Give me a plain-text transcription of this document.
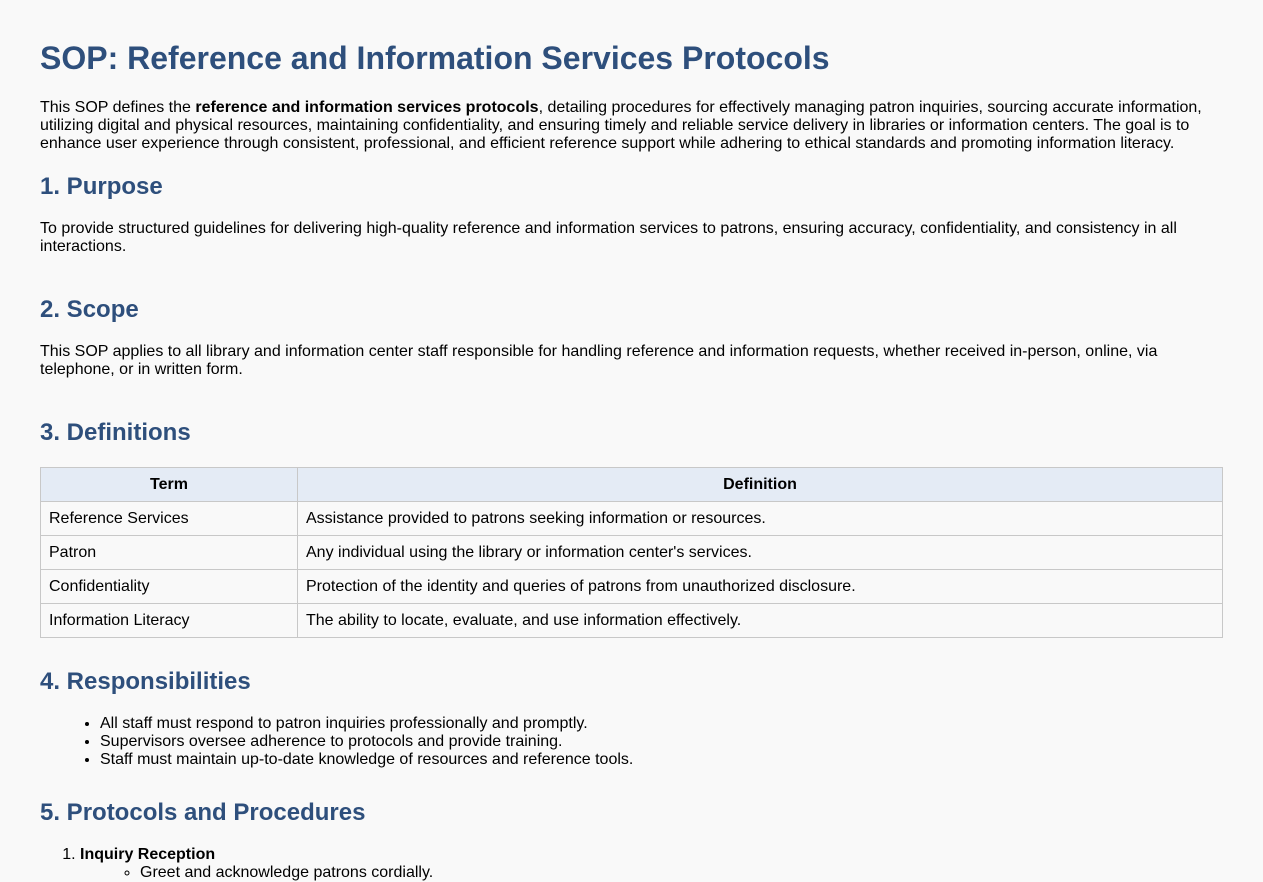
SOP: Reference and Information Services Protocols

This SOP defines the reference and information services protocols, detailing procedures for effectively managing patron inquiries, sourcing accurate information, utilizing digital and physical resources, maintaining confidentiality, and ensuring timely and reliable service delivery in libraries or information centers. The goal is to enhance user experience through consistent, professional, and efficient reference support while adhering to ethical standards and promoting information literacy.

1. Purpose

To provide structured guidelines for delivering high-quality reference and information services to patrons, ensuring accuracy, confidentiality, and consistency in all interactions.

2. Scope

This SOP applies to all library and information center staff responsible for handling reference and information requests, whether received in-person, online, via telephone, or in written form.

3. Definitions
Term	Definition
Reference Services	Assistance provided to patrons seeking information or resources.
Patron	Any individual using the library or information center's services.
Confidentiality	Protection of the identity and queries of patrons from unauthorized disclosure.
Information Literacy	The ability to locate, evaluate, and use information effectively.
4. Responsibilities
• All staff must respond to patron inquiries professionally and promptly.
• Supervisors oversee adherence to protocols and provide training.
• Staff must maintain up-to-date knowledge of resources and reference tools.
5. Protocols and Procedures
1. Inquiry Reception
◦ Greet and acknowledge patrons cordially.
